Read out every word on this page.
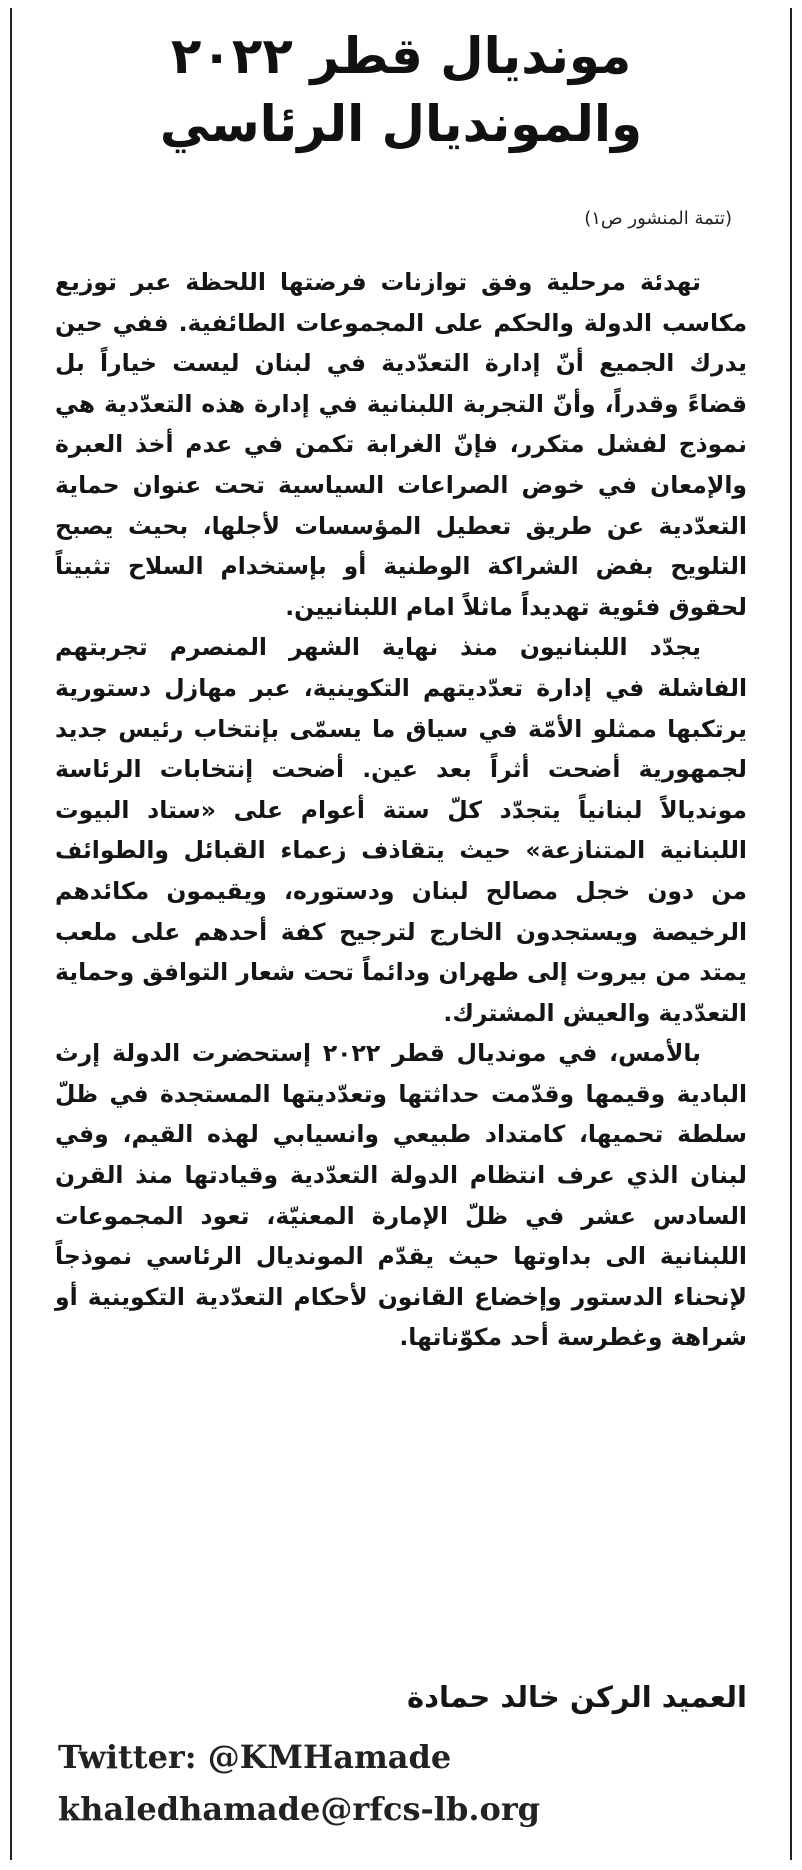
مونديال قطر ٢٠٢٢
والمونديال الرئاسي
(تتمة المنشور ص١)

تهدئة مرحلية وفق توازنات فرضتها اللحظة عبر توزيع مكاسب الدولة والحكم على المجموعات الطائفية. ففي حين يدرك الجميع أنّ إدارة التعدّدية في لبنان ليست خياراً بل قضاءً وقدراً، وأنّ التجربة اللبنانية في إدارة هذه التعدّدية هي نموذج لفشل متكرر، فإنّ الغرابة تكمن في عدم أخذ العبرة والإمعان في خوض الصراعات السياسية تحت عنوان حماية التعدّدية عن طريق تعطيل المؤسسات لأجلها، بحيث يصبح التلويح بفض الشراكة الوطنية أو بإستخدام السلاح تثبيتاً لحقوق فئوية تهديداً ماثلاً امام اللبنانيين.

يجدّد اللبنانيون منذ نهاية الشهر المنصرم تجربتهم الفاشلة في إدارة تعدّديتهم التكوينية، عبر مهازل دستورية يرتكبها ممثلو الأمّة في سياق ما يسمّى بإنتخاب رئيس جديد لجمهورية أضحت أثراً بعد عين. أضحت إنتخابات الرئاسة مونديالاً لبنانياً يتجدّد كلّ ستة أعوام على «ستاد البيوت اللبنانية المتنازعة» حيث يتقاذف زعماء القبائل والطوائف من دون خجل مصالح لبنان ودستوره، ويقيمون مكائدهم الرخيصة ويستجدون الخارج لترجيح كفة أحدهم على ملعب يمتد من بيروت إلى طهران ودائماً تحت شعار التوافق وحماية التعدّدية والعيش المشترك.

بالأمس، في مونديال قطر ٢٠٢٢ إستحضرت الدولة إرث البادية وقيمها وقدّمت حداثتها وتعدّديتها المستجدة في ظلّ سلطة تحميها، كامتداد طبيعي وانسيابي لهذه القيم، وفي لبنان الذي عرف انتظام الدولة التعدّدية وقيادتها منذ القرن السادس عشر في ظلّ الإمارة المعنيّة، تعود المجموعات اللبنانية الى بداوتها حيث يقدّم المونديال الرئاسي نموذجاً لإنحناء الدستور وإخضاع القانون لأحكام التعدّدية التكوينية أو شراهة وغطرسة أحد مكوّناتها.

العميد الركن خالد حمادة
Twitter: @KMHamade
khaledhamade@rfcs-lb.org
